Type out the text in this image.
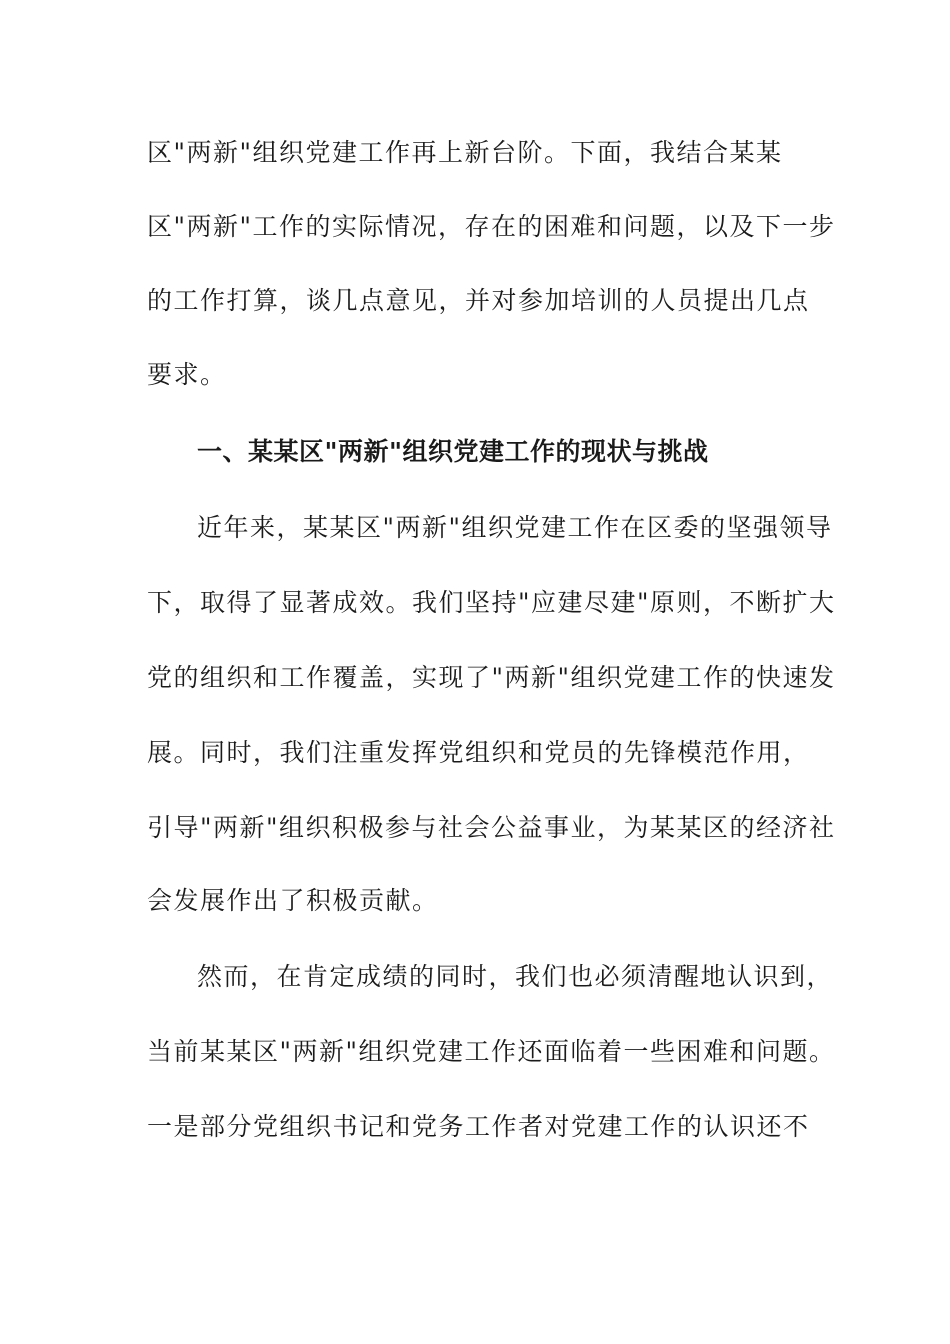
区"两新"组织党建工作再上新台阶。下面，我结合某某
区"两新"工作的实际情况，存在的困难和问题，以及下一步
的工作打算，谈几点意见，并对参加培训的人员提出几点
要求。
一、某某区"两新"组织党建工作的现状与挑战
近年来，某某区"两新"组织党建工作在区委的坚强领导
下，取得了显著成效。我们坚持"应建尽建"原则，不断扩大
党的组织和工作覆盖，实现了"两新"组织党建工作的快速发
展。同时，我们注重发挥党组织和党员的先锋模范作用，
引导"两新"组织积极参与社会公益事业，为某某区的经济社
会发展作出了积极贡献。
然而，在肯定成绩的同时，我们也必须清醒地认识到，
当前某某区"两新"组织党建工作还面临着一些困难和问题。
一是部分党组织书记和党务工作者对党建工作的认识还不
